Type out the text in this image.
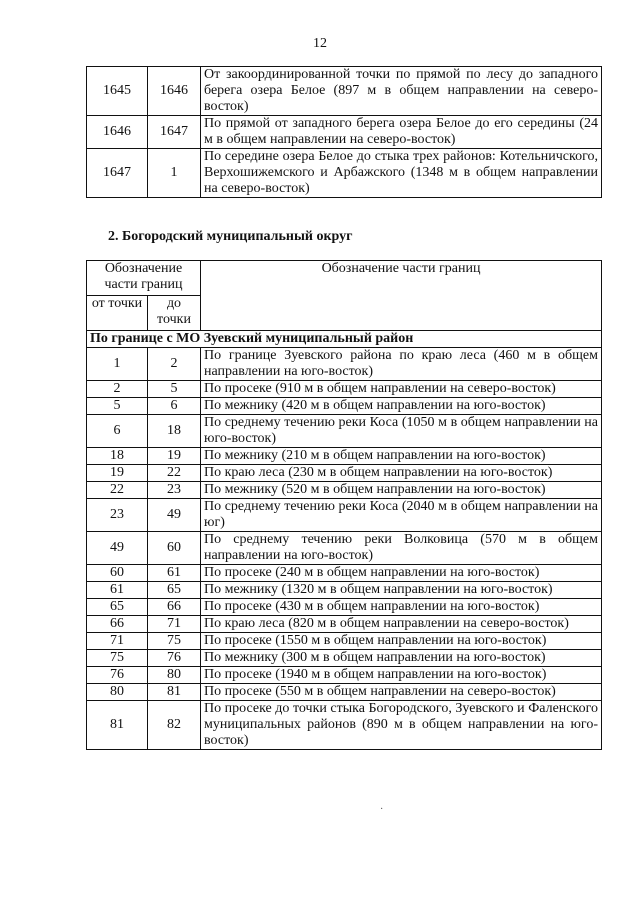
12
1645	1646	От закоординированной точки по прямой по лесу до западного берега озера Белое (897 м в общем направлении на северо-восток)
1646	1647	По прямой от западного берега озера Белое до его середины (24 м в общем направлении на северо-восток)
1647	1	По середине озера Белое до стыка трех районов: Котельничского, Верхошижемского и Арбажского (1348 м в общем направлении на северо-восток)
2. Богородский муниципальный округ
Обозначение части границ		Обозначение части границ
от точки	до точки	
По границе с МО Зуевский муниципальный район		
1	2	По границе Зуевского района по краю леса (460 м в общем направлении на юго-восток)
2	5	По просеке (910 м в общем направлении на северо-восток)
5	6	По межнику (420 м в общем направлении на юго-восток)
6	18	По среднему течению реки Коса (1050 м в общем направлении на юго-восток)
18	19	По межнику (210 м в общем направлении на юго-восток)
19	22	По краю леса (230 м в общем направлении на юго-восток)
22	23	По межнику (520 м в общем направлении на юго-восток)
23	49	По среднему течению реки Коса (2040 м в общем направлении на юг)
49	60	По среднему течению реки Волковица (570 м в общем направлении на юго-восток)
60	61	По просеке (240 м в общем направлении на юго-восток)
61	65	По межнику (1320 м в общем направлении на юго-восток)
65	66	По просеке (430 м в общем направлении на юго-восток)
66	71	По краю леса (820 м в общем направлении на северо-восток)
71	75	По просеке (1550 м в общем направлении на юго-восток)
75	76	По межнику (300 м в общем направлении на юго-восток)
76	80	По просеке (1940 м в общем направлении на юго-восток)
80	81	По просеке (550 м в общем направлении на северо-восток)
81	82	По просеке до точки стыка Богородского, Зуевского и Фаленского муниципальных районов (890 м в общем направлении на юго-восток)
·
